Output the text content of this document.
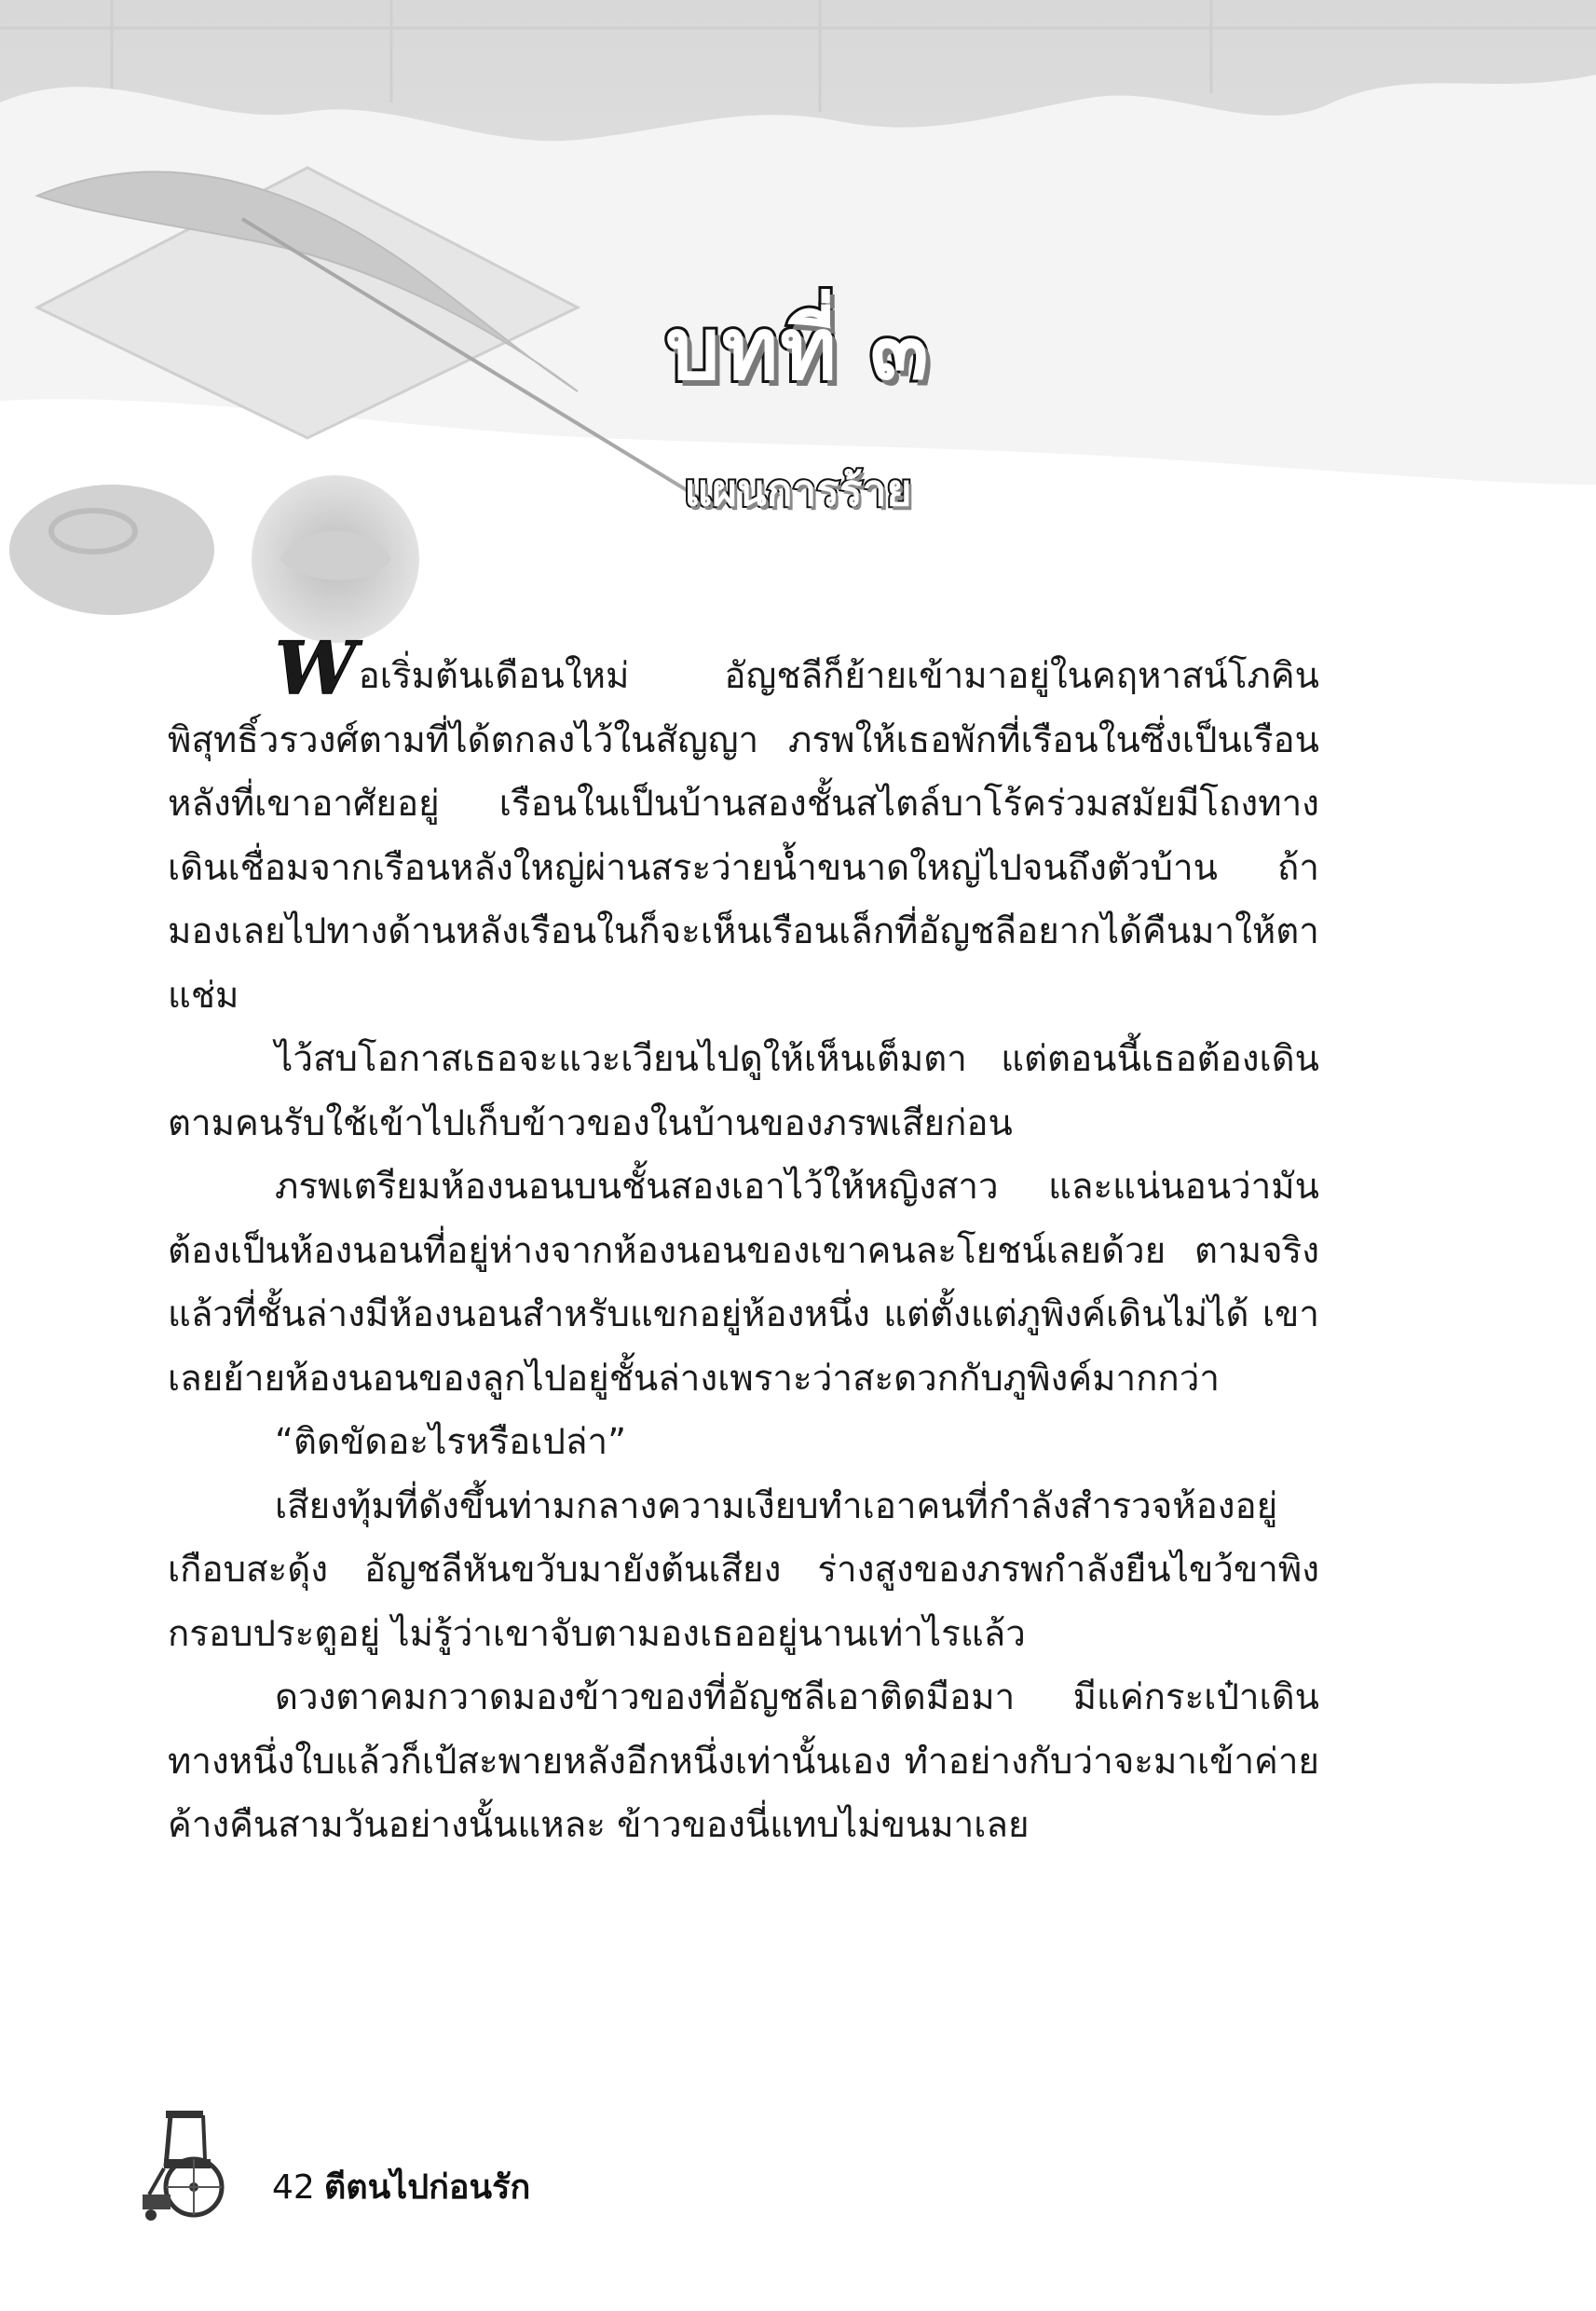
บทที่ ๓
แผนการร้าย

Wอเริ่มต้นเดือนใหม่ อัญชลีก็ย้ายเข้ามาอยู่ในคฤหาสน์โภคินพิสุทธิ์วรวงศ์ตามที่ได้ตกลงไว้ในสัญญา ภรพให้เธอพักที่เรือนในซึ่งเป็นเรือนหลังที่เขาอาศัยอยู่ เรือนในเป็นบ้านสองชั้นสไตล์บาโร้คร่วมสมัยมีโถงทางเดินเชื่อมจากเรือนหลังใหญ่ผ่านสระว่ายน้ำขนาดใหญ่ไปจนถึงตัวบ้าน ถ้ามองเลยไปทางด้านหลังเรือนในก็จะเห็นเรือนเล็กที่อัญชลีอยากได้คืนมาให้ตาแช่ม

ไว้สบโอกาสเธอจะแวะเวียนไปดูให้เห็นเต็มตา แต่ตอนนี้เธอต้องเดินตามคนรับใช้เข้าไปเก็บข้าวของในบ้านของภรพเสียก่อน

ภรพเตรียมห้องนอนบนชั้นสองเอาไว้ให้หญิงสาว และแน่นอนว่ามันต้องเป็นห้องนอนที่อยู่ห่างจากห้องนอนของเขาคนละโยชน์เลยด้วย ตามจริงแล้วที่ชั้นล่างมีห้องนอนสำหรับแขกอยู่ห้องหนึ่ง แต่ตั้งแต่ภูพิงค์เดินไม่ได้ เขาเลยย้ายห้องนอนของลูกไปอยู่ชั้นล่างเพราะว่าสะดวกกับภูพิงค์มากกว่า

“ติดขัดอะไรหรือเปล่า”

เสียงทุ้มที่ดังขึ้นท่ามกลางความเงียบทำเอาคนที่กำลังสำรวจห้องอยู่เกือบสะดุ้ง อัญชลีหันขวับมายังต้นเสียง ร่างสูงของภรพกำลังยืนไขว้ขาพิงกรอบประตูอยู่ ไม่รู้ว่าเขาจับตามองเธออยู่นานเท่าไรแล้ว

ดวงตาคมกวาดมองข้าวของที่อัญชลีเอาติดมือมา มีแค่กระเป๋าเดินทางหนึ่งใบแล้วก็เป้สะพายหลังอีกหนึ่งเท่านั้นเอง ทำอย่างกับว่าจะมาเข้าค่ายค้างคืนสามวันอย่างนั้นแหละ ข้าวของนี่แทบไม่ขนมาเลย

42 ตีตนไปก่อนรัก
